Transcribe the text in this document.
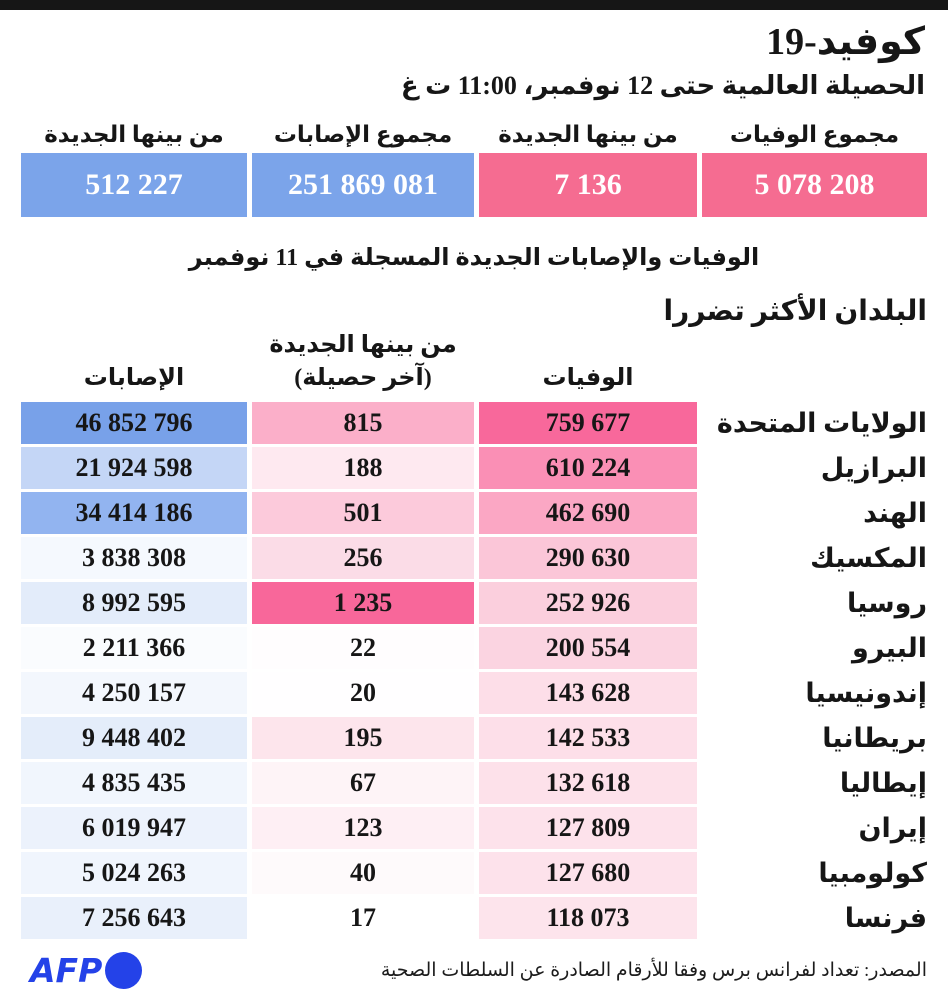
كوفيد-19
الحصيلة العالمية حتى 12 نوفمبر، 11:00 ت غ
مجموع الوفيات
من بينها الجديدة
مجموع الإصابات
من بينها الجديدة
5 078 208
7 136
251 869 081
512 227
الوفيات والإصابات الجديدة المسجلة في 11 نوفمبر
البلدان الأكثر تضررا
الوفيات
من بينها الجديدة
(آخر حصيلة)
الإصابات
الولايات المتحدة
759 677
815
46 852 796
البرازيل
610 224
188
21 924 598
الهند
462 690
501
34 414 186
المكسيك
290 630
256
3 838 308
روسيا
252 926
1 235
8 992 595
البيرو
200 554
22
2 211 366
إندونيسيا
143 628
20
4 250 157
بريطانيا
142 533
195
9 448 402
إيطاليا
132 618
67
4 835 435
إيران
127 809
123
6 019 947
كولومبيا
127 680
40
5 024 263
فرنسا
118 073
17
7 256 643
المصدر: تعداد لفرانس برس وفقا للأرقام الصادرة عن السلطات الصحية
AFP
